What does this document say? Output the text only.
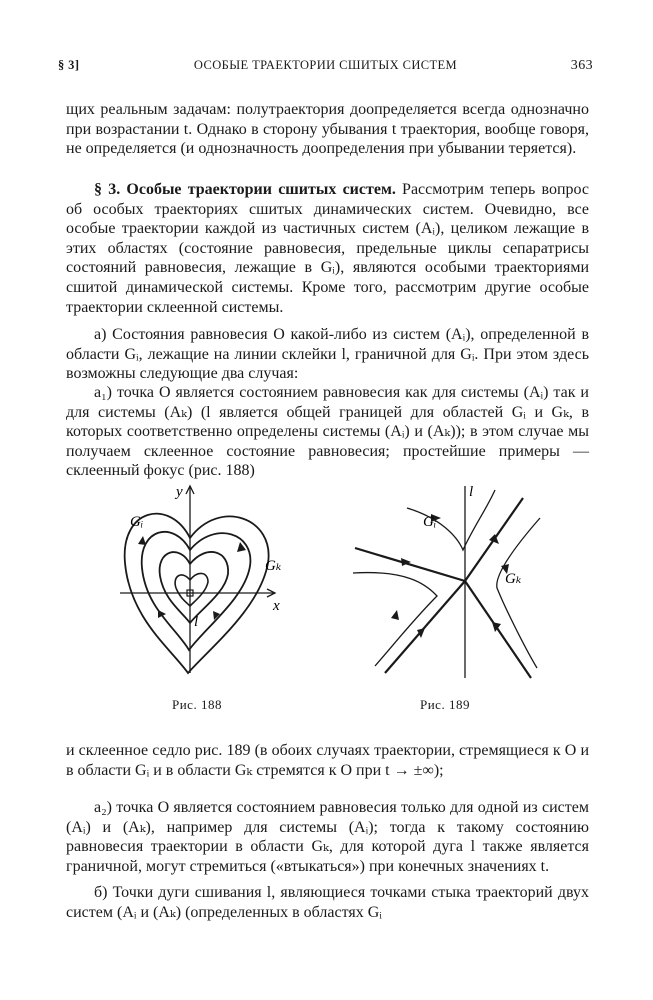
§ 3]	ОСОБЫЕ ТРАЕКТОРИИ СШИТЫХ СИСТЕМ	363

щих реальным задачам: полутраектория доопределяется всегда однозначно при возрастании t. Однако в сторону убывания t траектория, вообще говоря, не определяется (и однозначность доопределения при убывании теряется).

§ 3. Особые траектории сшитых систем. Рассмотрим теперь вопрос об особых траекториях сшитых динамических систем. Очевидно, все особые траектории каждой из частичных систем (Aᵢ), целиком лежащие в этих областях (состояние равновесия, предельные циклы сепаратрисы состояний равновесия, лежащие в Gᵢ), являются особыми траекториями сшитой динамической системы. Кроме того, рассмотрим другие особые траектории склеенной системы.

а) Состояния равновесия O какой-либо из систем (Aᵢ), определенной в области Gᵢ, лежащие на линии склейки l, граничной для Gᵢ. При этом здесь возможны следующие два случая:

a₁) точка O является состоянием равновесия как для системы (Aᵢ) так и для системы (Aₖ) (l является общей границей для областей Gᵢ и Gₖ, в которых соответственно определены системы (Aᵢ) и (Aₖ)); в этом случае мы получаем склеенное состояние равновесия; простейшие примеры — склеенный фокус (рис. 188)

y
x
Gᵢ
Gₖ
l
Рис. 188
l
Gᵢ
Gₖ
Рис. 189

и склеенное седло рис. 189 (в обоих случаях траектории, стремящиеся к O и в области Gᵢ и в области Gₖ стремятся к O при t → ±∞);

a₂) точка O является состоянием равновесия только для одной из систем (Aᵢ) и (Aₖ), например для системы (Aᵢ); тогда к такому состоянию равновесия траектории в области Gₖ, для которой дуга l также является граничной, могут стремиться («втыкаться») при конечных значениях t.

б) Точки дуги сшивания l, являющиеся точками стыка траекторий двух систем (Aᵢ и (Aₖ) (определенных в областях Gᵢ
